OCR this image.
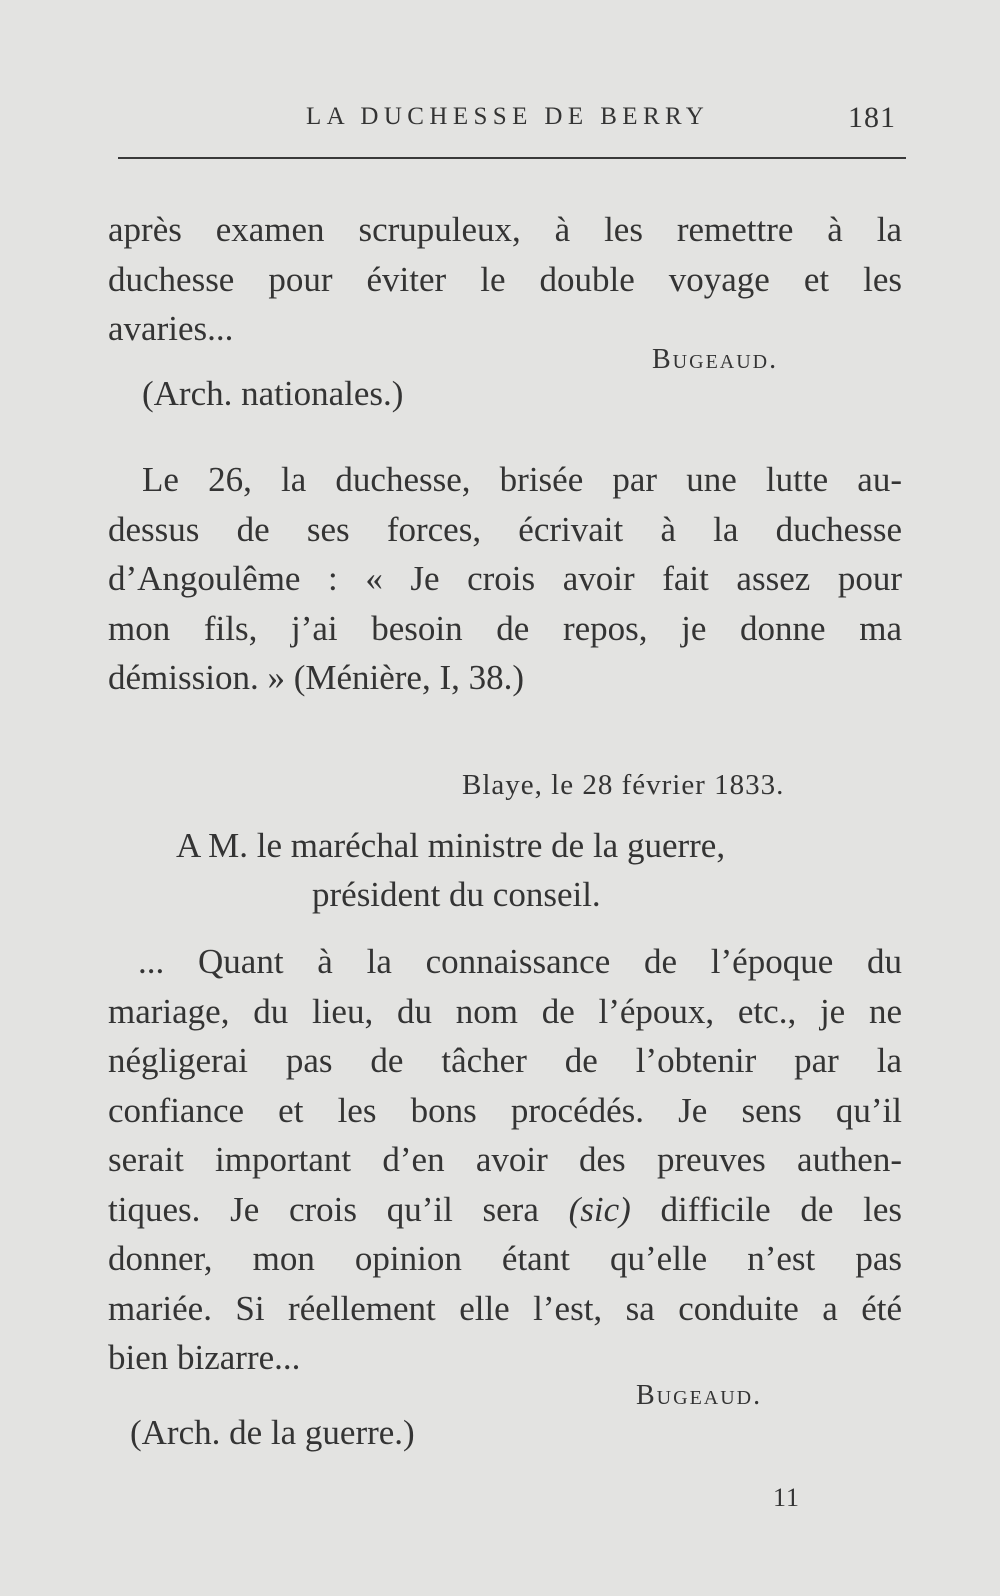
LA DUCHESSE DE BERRY	181
après examen scrupuleux, à les remettre à la
duchesse pour éviter le double voyage et les
avaries...
Bugeaud.
(Arch. nationales.)
Le 26, la duchesse, brisée par une lutte au-
dessus de ses forces, écrivait à la duchesse
d’Angoulême : « Je crois avoir fait assez pour
mon fils, j’ai besoin de repos, je donne ma
démission. » (Ménière, I, 38.)
Blaye, le 28 février 1833.
A M. le maréchal ministre de la guerre,
président du conseil.
... Quant à la connaissance de l’époque du
mariage, du lieu, du nom de l’époux, etc., je ne
négligerai pas de tâcher de l’obtenir par la
confiance et les bons procédés. Je sens qu’il
serait important d’en avoir des preuves authen-
tiques. Je crois qu’il sera (sic) difficile de les
donner, mon opinion étant qu’elle n’est pas
mariée. Si réellement elle l’est, sa conduite a été
bien bizarre...
Bugeaud.
(Arch. de la guerre.)
11
